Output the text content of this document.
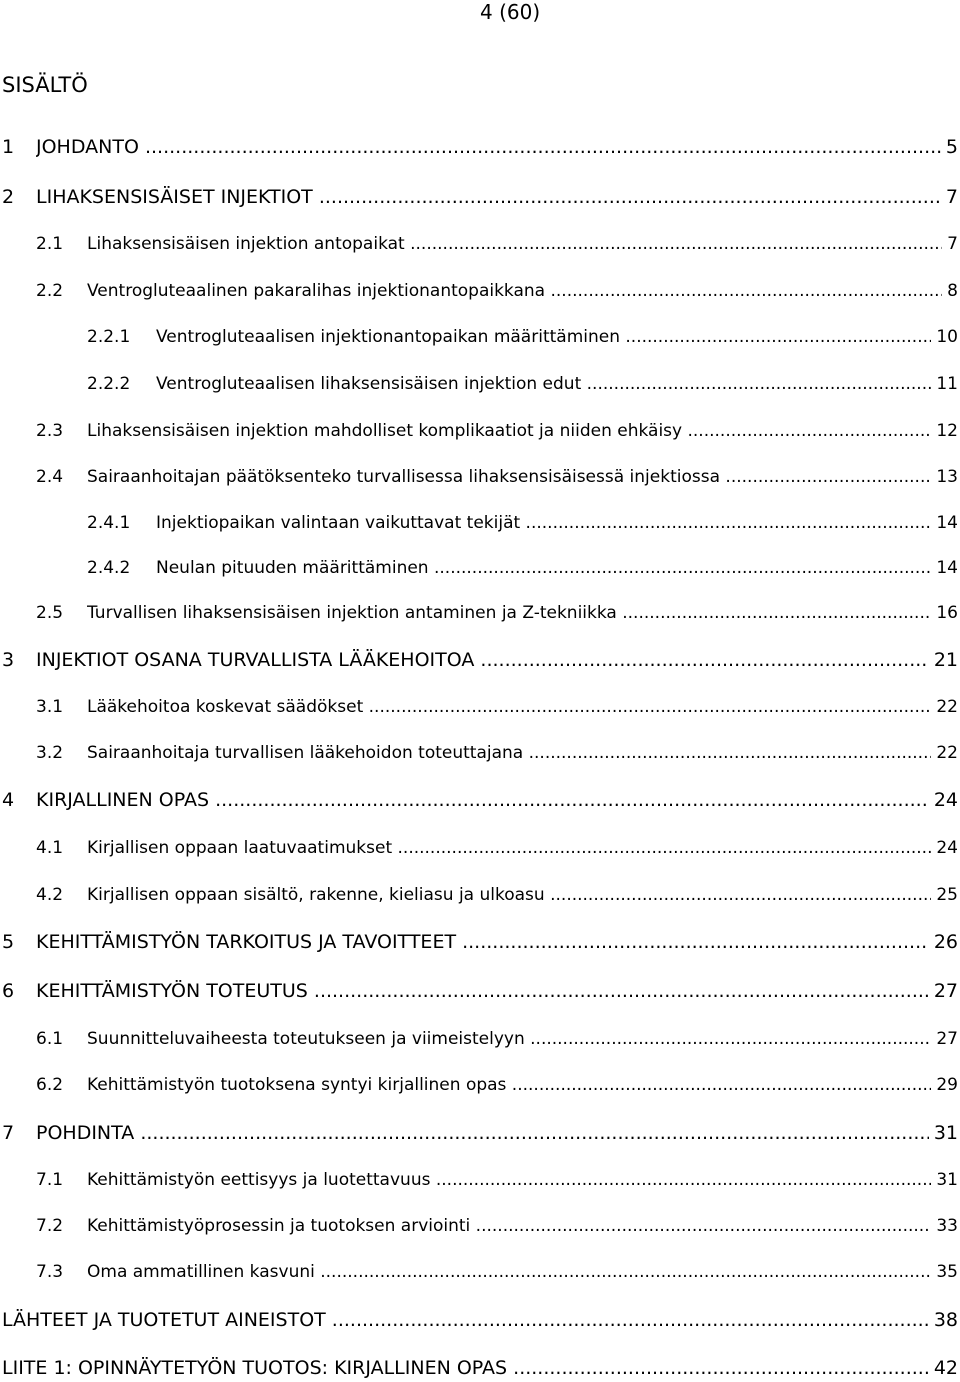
4 (60)
SISÄLTÖ
1 JOHDANTO .....	5
2 LIHAKSENSISÄISET INJEKTIOT .....	7
2.1 Lihaksensisäisen injektion antopaikat .....	7
2.2 Ventrogluteaalinen pakaralihas injektionantopaikkana .....	8
2.2.1 Ventrogluteaalisen injektionantopaikan määrittäminen .....	10
2.2.2 Ventrogluteaalisen lihaksensisäisen injektion edut .....	11
2.3 Lihaksensisäisen injektion mahdolliset komplikaatiot ja niiden ehkäisy .....	12
2.4 Sairaanhoitajan päätöksenteko turvallisessa lihaksensisäisessä injektiossa .....	13
2.4.1 Injektiopaikan valintaan vaikuttavat tekijät .....	14
2.4.2 Neulan pituuden määrittäminen .....	14
2.5 Turvallisen lihaksensisäisen injektion antaminen ja Z-tekniikka .....	16
3 INJEKTIOT OSANA TURVALLISTA LÄÄKEHOITOA .....	21
3.1 Lääkehoitoa koskevat säädökset .....	22
3.2 Sairaanhoitaja turvallisen lääkehoidon toteuttajana .....	22
4 KIRJALLINEN OPAS .....	24
4.1 Kirjallisen oppaan laatuvaatimukset .....	24
4.2 Kirjallisen oppaan sisältö, rakenne, kieliasu ja ulkoasu .....	25
5 KEHITTÄMISTYÖN TARKOITUS JA TAVOITTEET .....	26
6 KEHITTÄMISTYÖN TOTEUTUS .....	27
6.1 Suunnitteluvaiheesta toteutukseen ja viimeistelyyn .....	27
6.2 Kehittämistyön tuotoksena syntyi kirjallinen opas .....	29
7 POHDINTA .....	31
7.1 Kehittämistyön eettisyys ja luotettavuus .....	31
7.2 Kehittämistyöprosessin ja tuotoksen arviointi .....	33
7.3 Oma ammatillinen kasvuni .....	35
LÄHTEET JA TUOTETUT AINEISTOT .....	38
LIITE 1: OPINNÄYTETYÖN TUOTOS: KIRJALLINEN OPAS .....	42
